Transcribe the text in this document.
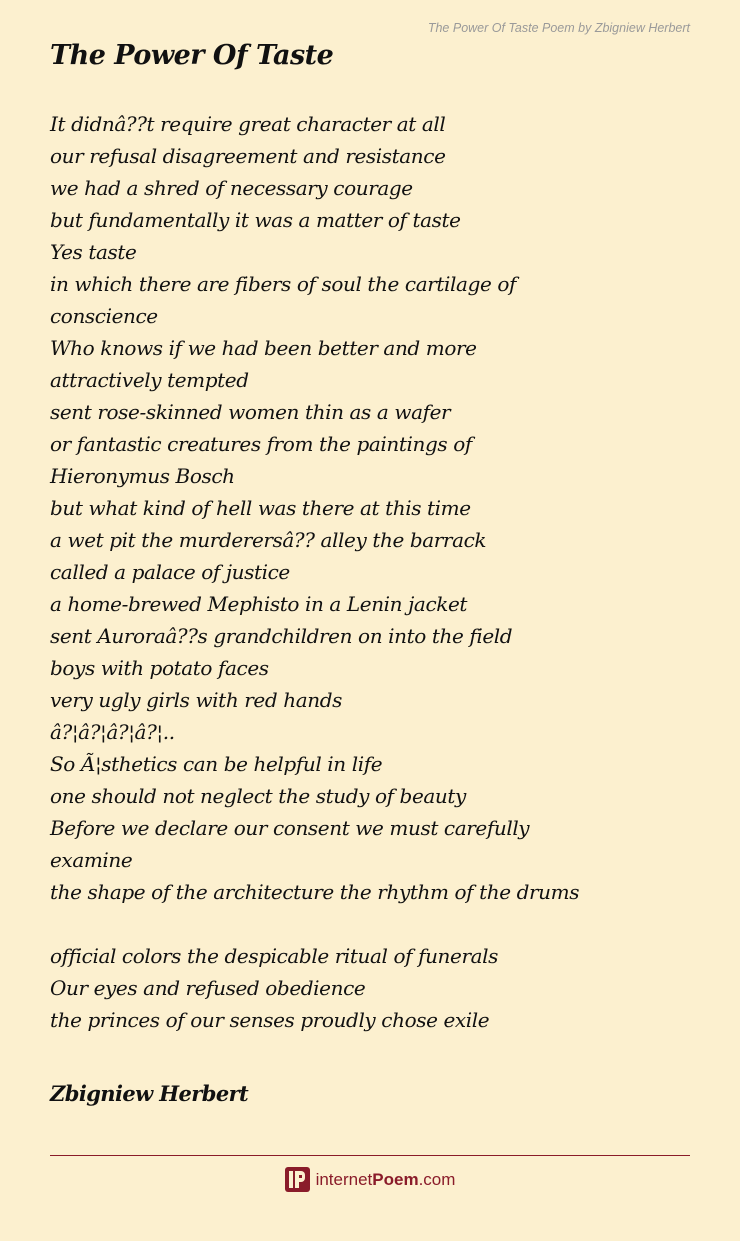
The Power Of Taste Poem by Zbigniew Herbert
The Power Of Taste
It didnâ??t require great character at all
our refusal disagreement and resistance
we had a shred of necessary courage
but fundamentally it was a matter of taste
Yes taste
in which there are fibers of soul the cartilage of
conscience
Who knows if we had been better and more
attractively tempted
sent rose-skinned women thin as a wafer
or fantastic creatures from the paintings of
Hieronymus Bosch
but what kind of hell was there at this time
a wet pit the murderersâ?? alley the barrack
called a palace of justice
a home-brewed Mephisto in a Lenin jacket
sent Auroraâ??s grandchildren on into the field
boys with potato faces
very ugly girls with red hands
â?¦â?¦â?¦â?¦..
So Ã¦sthetics can be helpful in life
one should not neglect the study of beauty
Before we declare our consent we must carefully
examine
the shape of the architecture the rhythm of the drums
official colors the despicable ritual of funerals
Our eyes and refused obedience
the princes of our senses proudly chose exile
Zbigniew Herbert
internetPoem.com
